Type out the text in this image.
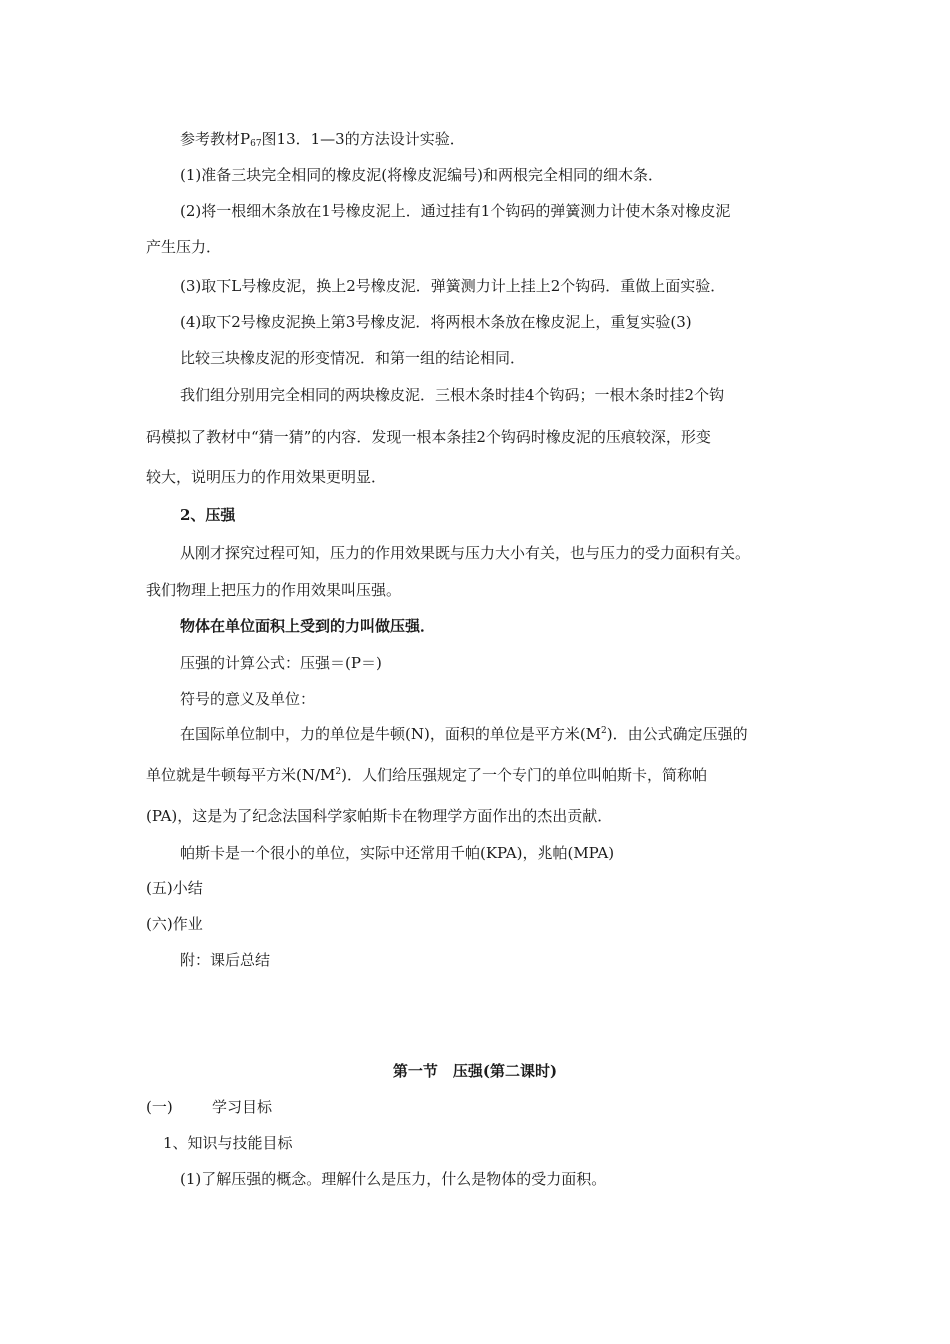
参考教材$P_{67}$图13．1—3的方法设计实验．
(1)准备三块完全相同的橡皮泥(将橡皮泥编号)和两根完全相同的细木条．
(2)将一根细木条放在1号橡皮泥上．通过挂有1个钩码的弹簧测力计使木条对橡皮泥
产生压力．
(3)取下L号橡皮泥，换上2号橡皮泥．弹簧测力计上挂上2个钩码．重做上面实验．
(4)取下2号橡皮泥换上第3号橡皮泥．将两根木条放在橡皮泥上，重复实验(3)
比较三块橡皮泥的形变情况．和第一组的结论相同．
我们组分别用完全相同的两块橡皮泥．三根木条时挂4个钩码；一根木条时挂2个钩
码模拟了教材中“猜一猜”的内容．发现一根本条挂2个钩码时橡皮泥的压痕较深，形变
较大，说明压力的作用效果更明显．
2、压强
从刚才探究过程可知，压力的作用效果既与压力大小有关，也与压力的受力面积有关。
我们物理上把压力的作用效果叫压强。
物体在单位面积上受到的力叫做压强．
压强的计算公式：压强＝(P＝)
符号的意义及单位：
在国际单位制中，力的单位是牛顿(N)，面积的单位是平方米$(M^2)$．由公式确定压强的
单位就是牛顿每平方米$(N/M^2)$．人们给压强规定了一个专门的单位叫帕斯卡，简称帕
(PA)，这是为了纪念法国科学家帕斯卡在物理学方面作出的杰出贡献．
帕斯卡是一个很小的单位，实际中还常用千帕(KPA)，兆帕(MPA)
(五)小结
(六)作业
附：课后总结
第一节　压强(第二课时)
(一)	学习目标
1、知识与技能目标
(1)了解压强的概念。理解什么是压力，什么是物体的受力面积。
